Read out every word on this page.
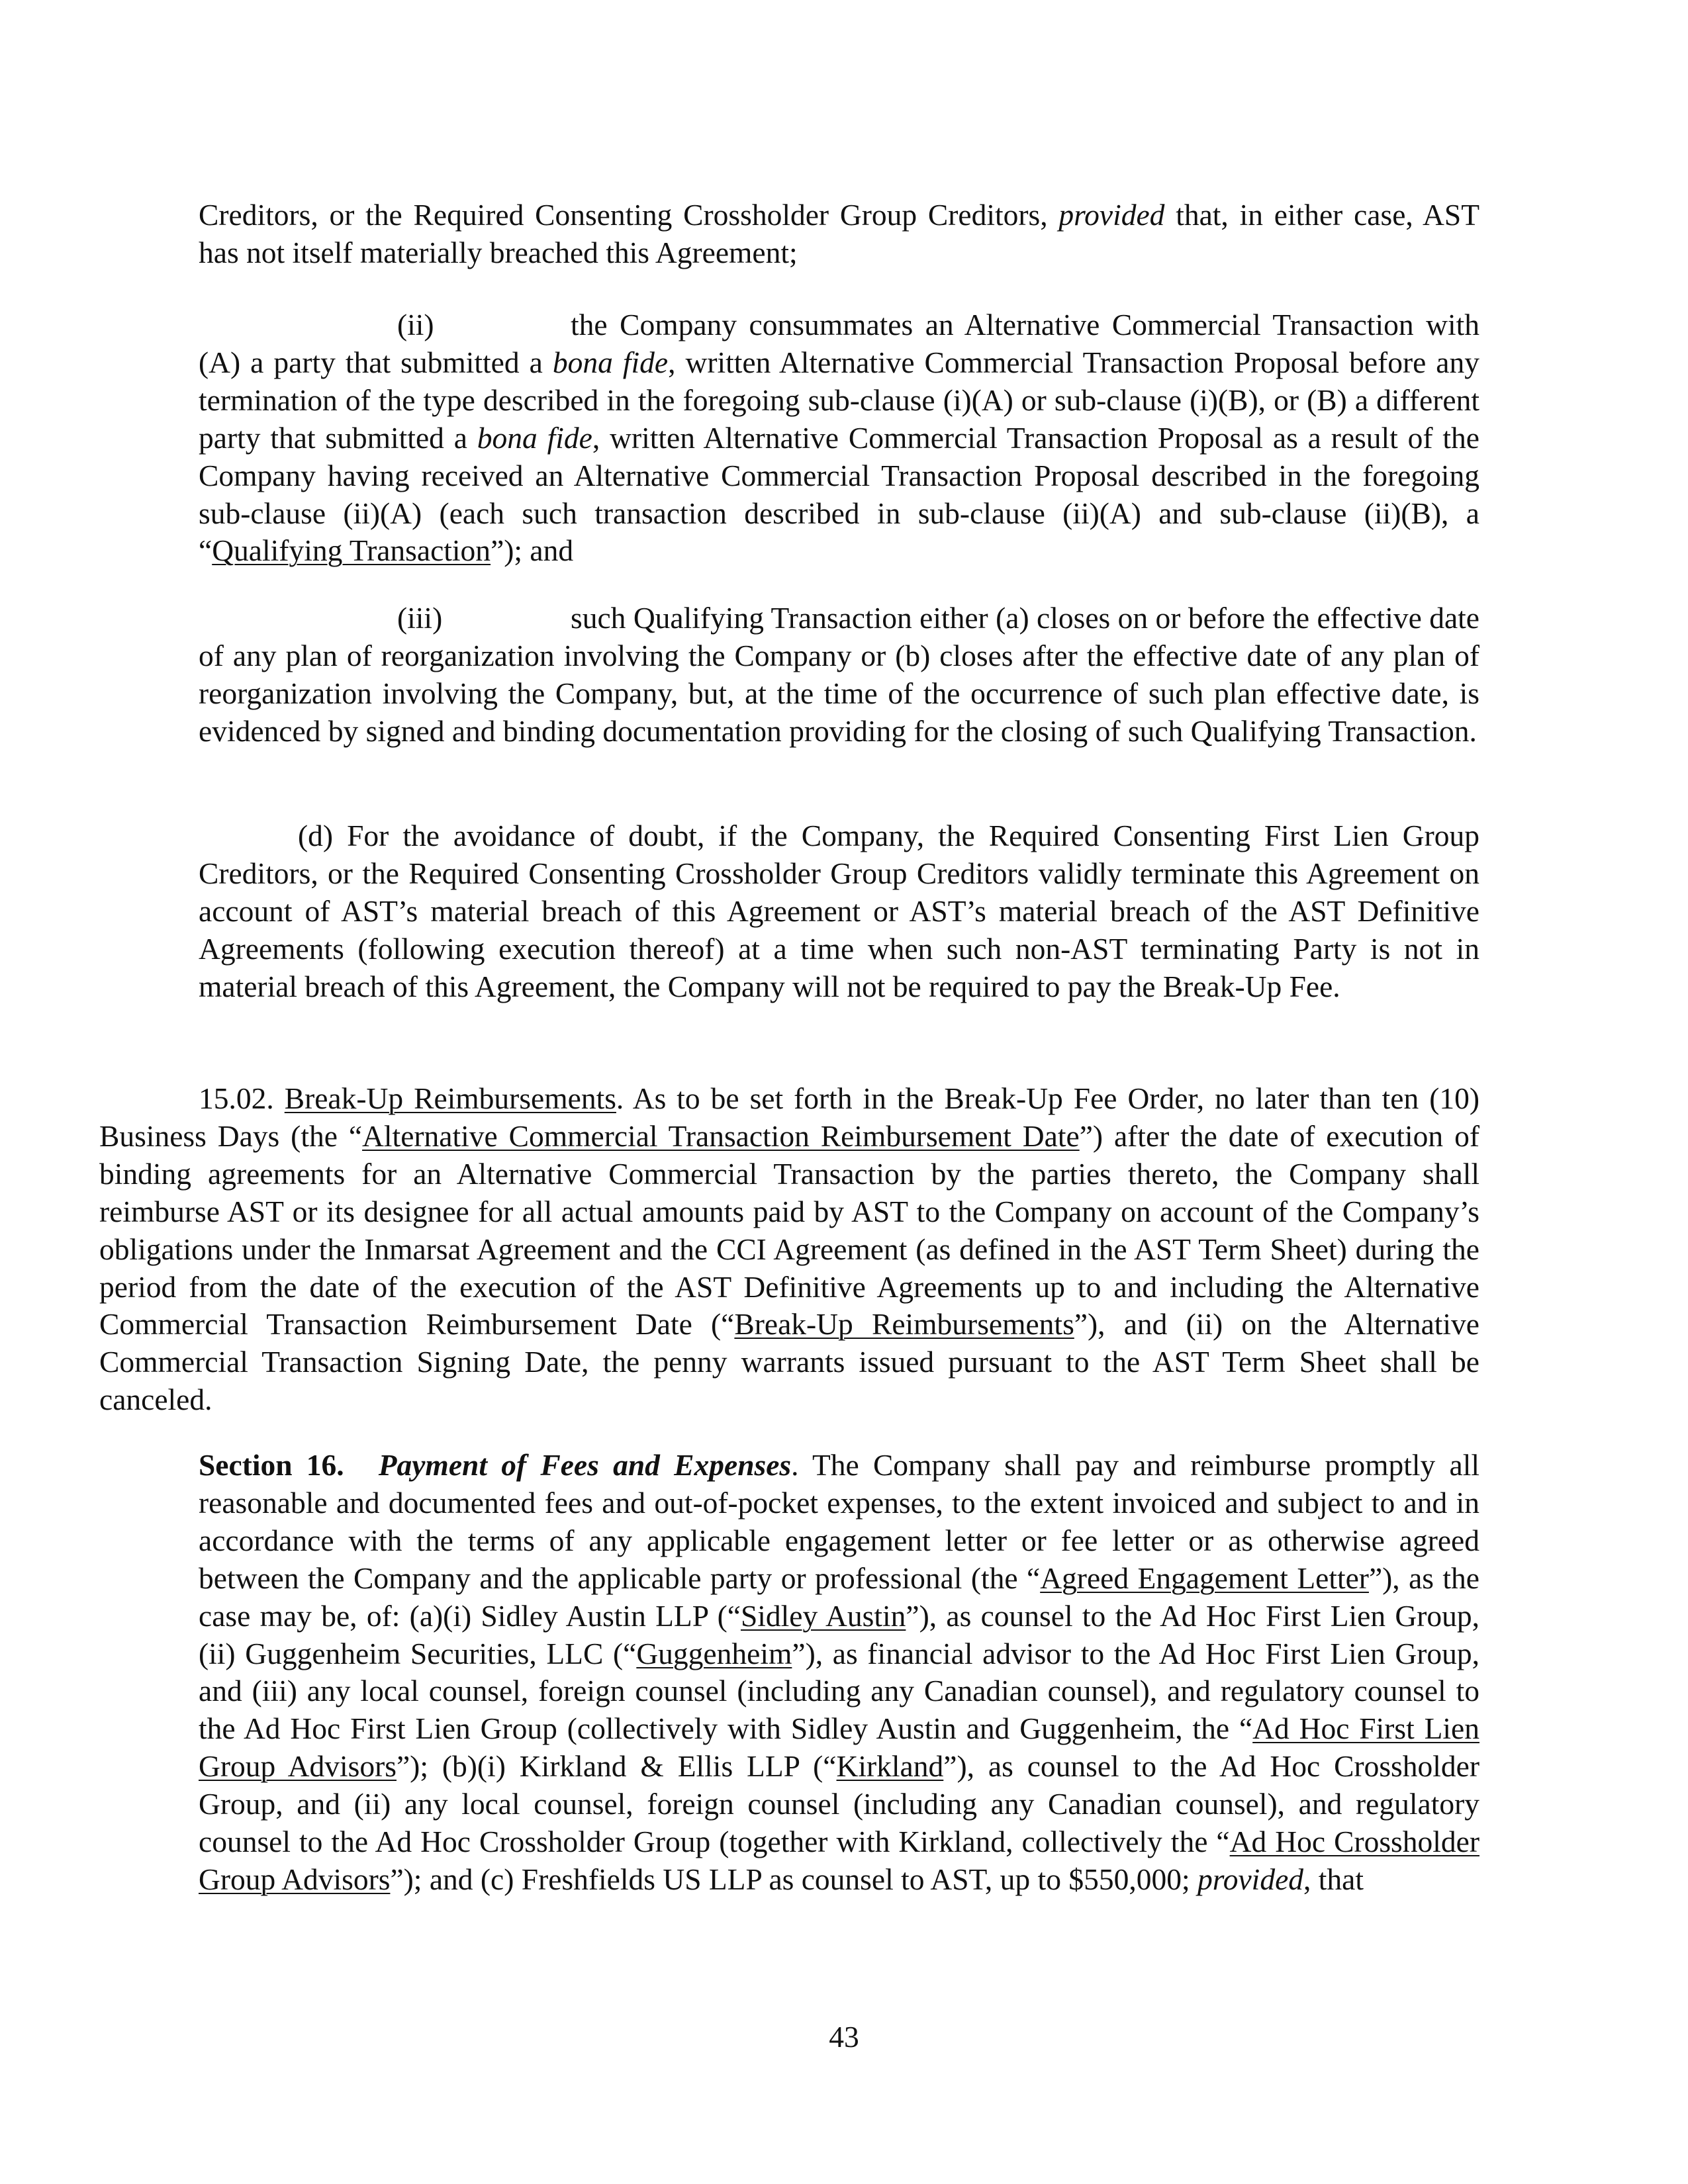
Creditors, or the Required Consenting Crossholder Group Creditors, provided that, in either case, AST has not itself materially breached this Agreement;

(ii)	the Company consummates an Alternative Commercial Transaction with (A) a party that submitted a bona fide, written Alternative Commercial Transaction Proposal before any termination of the type described in the foregoing sub-clause (i)(A) or sub-clause (i)(B), or (B) a different party that submitted a bona fide, written Alternative Commercial Transaction Proposal as a result of the Company having received an Alternative Commercial Transaction Proposal described in the foregoing sub-clause (ii)(A) (each such transaction described in sub-clause (ii)(A) and sub-clause (ii)(B), a “Qualifying Transaction”); and

(iii)	such Qualifying Transaction either (a) closes on or before the effective date of any plan of reorganization involving the Company or (b) closes after the effective date of any plan of reorganization involving the Company, but, at the time of the occurrence of such plan effective date, is evidenced by signed and binding documentation providing for the closing of such Qualifying Transaction.

(d) For the avoidance of doubt, if the Company, the Required Consenting First Lien Group Creditors, or the Required Consenting Crossholder Group Creditors validly terminate this Agreement on account of AST’s material breach of this Agreement or AST’s material breach of the AST Definitive Agreements (following execution thereof) at a time when such non-AST terminating Party is not in material breach of this Agreement, the Company will not be required to pay the Break-Up Fee.

15.02. Break-Up Reimbursements. As to be set forth in the Break-Up Fee Order, no later than ten (10) Business Days (the “Alternative Commercial Transaction Reimbursement Date”) after the date of execution of binding agreements for an Alternative Commercial Transaction by the parties thereto, the Company shall reimburse AST or its designee for all actual amounts paid by AST to the Company on account of the Company’s obligations under the Inmarsat Agreement and the CCI Agreement (as defined in the AST Term Sheet) during the period from the date of the execution of the AST Definitive Agreements up to and including the Alternative Commercial Transaction Reimbursement Date (“Break-Up Reimbursements”), and (ii) on the Alternative Commercial Transaction Signing Date, the penny warrants issued pursuant to the AST Term Sheet shall be canceled.

Section 16. Payment of Fees and Expenses. The Company shall pay and reimburse promptly all reasonable and documented fees and out-of-pocket expenses, to the extent invoiced and subject to and in accordance with the terms of any applicable engagement letter or fee letter or as otherwise agreed between the Company and the applicable party or professional (the “Agreed Engagement Letter”), as the case may be, of: (a)(i) Sidley Austin LLP (“Sidley Austin”), as counsel to the Ad Hoc First Lien Group, (ii) Guggenheim Securities, LLC (“Guggenheim”), as financial advisor to the Ad Hoc First Lien Group, and (iii) any local counsel, foreign counsel (including any Canadian counsel), and regulatory counsel to the Ad Hoc First Lien Group (collectively with Sidley Austin and Guggenheim, the “Ad Hoc First Lien Group Advisors”); (b)(i) Kirkland & Ellis LLP (“Kirkland”), as counsel to the Ad Hoc Crossholder Group, and (ii) any local counsel, foreign counsel (including any Canadian counsel), and regulatory counsel to the Ad Hoc Crossholder Group (together with Kirkland, collectively the “Ad Hoc Crossholder Group Advisors”); and (c) Freshfields US LLP as counsel to AST, up to $550,000; provided, that

43
